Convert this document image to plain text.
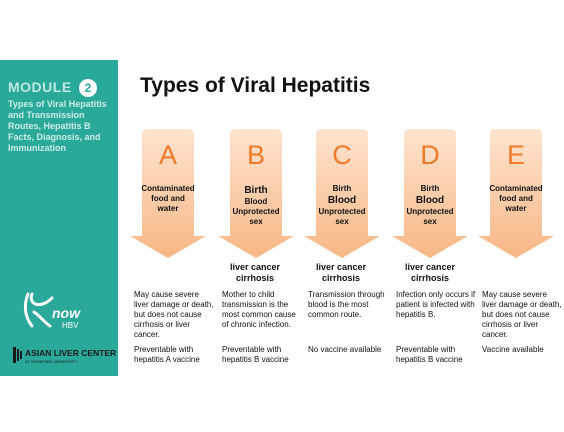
MODULE	2
Types of Viral Hepatitis and Transmission Routes, Hepatitis B Facts, Diagnosis, and Immunization
now
HBV
ASIAN LIVER CENTER
AT STANFORD UNIVERSITY
Types of Viral Hepatitis
A
Contaminated
food and
water
May cause severe liver damage or death, but does not cause cirrhosis or liver cancer.
Preventable with hepatitis A vaccine
B
Birth
Blood
Unprotected
sex
liver cancer cirrhosis
Mother to child transmission is the most common cause of chronic infection.
Preventable with hepatitis B vaccine
C
Birth
Blood
Unprotected
sex
liver cancer cirrhosis
Transmission through blood is the most common route.
No vaccine available
D
Birth
Blood
Unprotected
sex
liver cancer cirrhosis
Infection only occurs if patient is infected with hepatitis B.
Preventable with hepatitis B vaccine
E
Contaminated
food and
water
May cause severe liver damage or death, but does not cause cirrhosis or liver cancer.
Vaccine available
